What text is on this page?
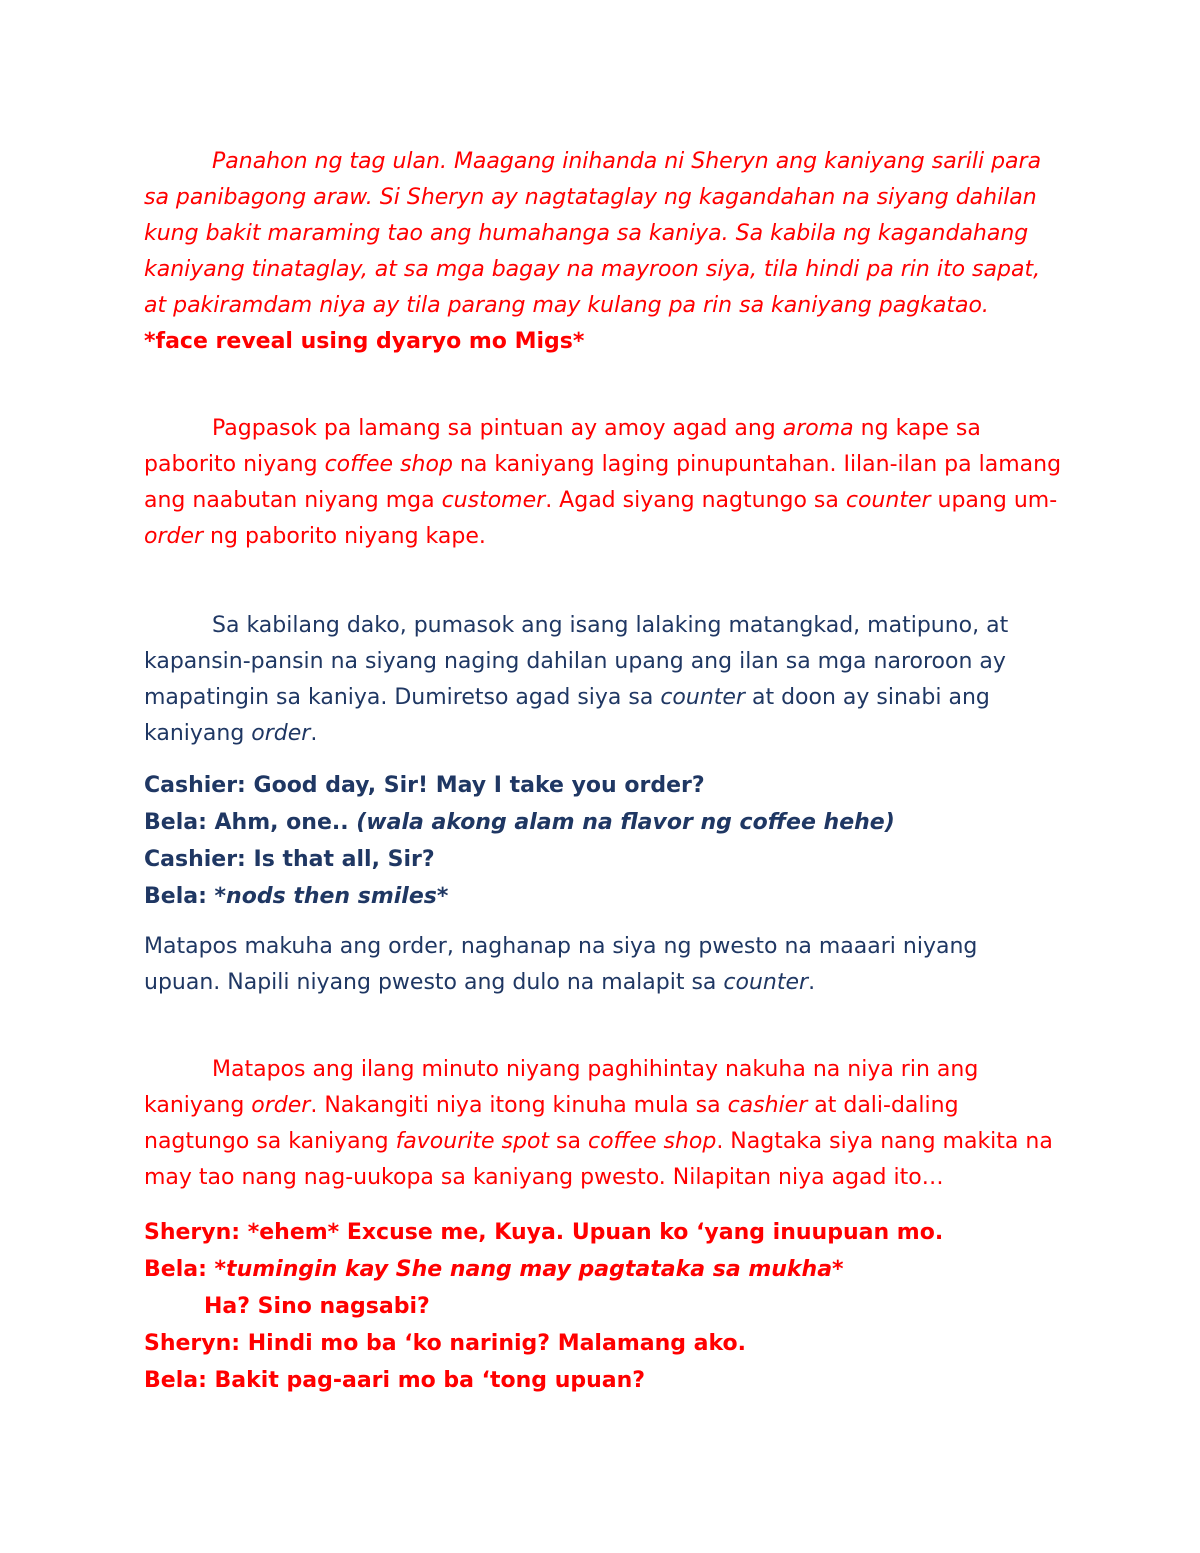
Panahon ng tag ulan. Maagang inihanda ni Sheryn ang kaniyang sarili para

sa panibagong araw. Si Sheryn ay nagtataglay ng kagandahan na siyang dahilan

kung bakit maraming tao ang humahanga sa kaniya. Sa kabila ng kagandahang

kaniyang tinataglay, at sa mga bagay na mayroon siya, tila hindi pa rin ito sapat,

at pakiramdam niya ay tila parang may kulang pa rin sa kaniyang pagkatao.

*face reveal using dyaryo mo Migs*

Pagpasok pa lamang sa pintuan ay amoy agad ang aroma ng kape sa

paborito niyang coffee shop na kaniyang laging pinupuntahan. Iilan-ilan pa lamang

ang naabutan niyang mga customer. Agad siyang nagtungo sa counter upang um-

order ng paborito niyang kape.

Sa kabilang dako, pumasok ang isang lalaking matangkad, matipuno, at

kapansin-pansin na siyang naging dahilan upang ang ilan sa mga naroroon ay

mapatingin sa kaniya. Dumiretso agad siya sa counter at doon ay sinabi ang

kaniyang order.

Cashier: Good day, Sir! May I take you order?

Bela: Ahm, one.. (wala akong alam na flavor ng coffee hehe)

Cashier: Is that all, Sir?

Bela: *nods then smiles*

Matapos makuha ang order, naghanap na siya ng pwesto na maaari niyang

upuan. Napili niyang pwesto ang dulo na malapit sa counter.

Matapos ang ilang minuto niyang paghihintay nakuha na niya rin ang

kaniyang order. Nakangiti niya itong kinuha mula sa cashier at dali-daling

nagtungo sa kaniyang favourite spot sa coffee shop. Nagtaka siya nang makita na

may tao nang nag-uukopa sa kaniyang pwesto. Nilapitan niya agad ito…

Sheryn: *ehem* Excuse me, Kuya. Upuan ko ‘yang inuupuan mo.

Bela: *tumingin kay She nang may pagtataka sa mukha*

Ha? Sino nagsabi?

Sheryn: Hindi mo ba ‘ko narinig? Malamang ako.

Bela: Bakit pag-aari mo ba ‘tong upuan?
